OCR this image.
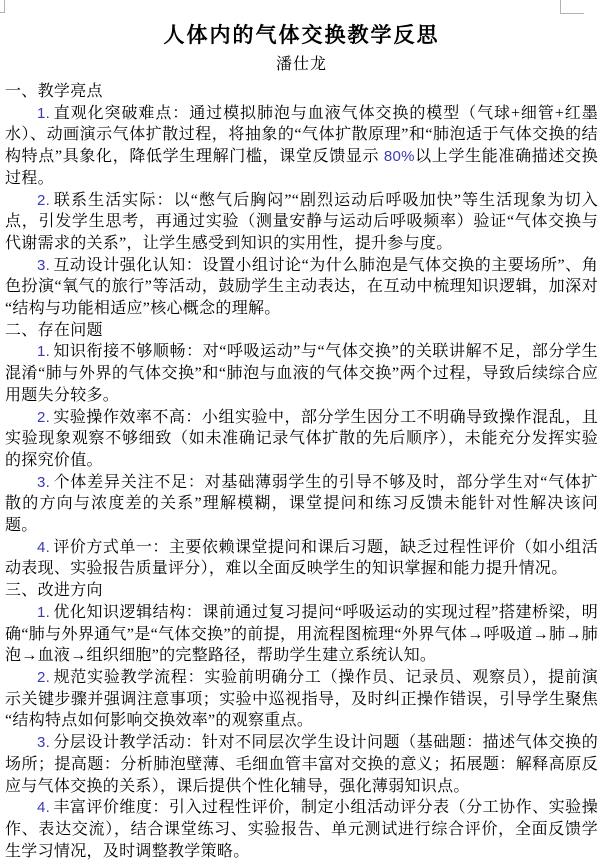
人体内的气体交换教学反思
潘仕龙
一、教学亮点

1. 直观化突破难点：通过模拟肺泡与血液气体交换的模型（气球+细管+红墨水）、动画演示气体扩散过程，将抽象的“气体扩散原理”和“肺泡适于气体交换的结构特点”具象化，降低学生理解门槛，课堂反馈显示 80%以上学生能准确描述交换过程。

2. 联系生活实际：以“憋气后胸闷”“剧烈运动后呼吸加快”等生活现象为切入点，引发学生思考，再通过实验（测量安静与运动后呼吸频率）验证“气体交换与代谢需求的关系”，让学生感受到知识的实用性，提升参与度。

3. 互动设计强化认知：设置小组讨论“为什么肺泡是气体交换的主要场所”、角色扮演“氧气的旅行”等活动，鼓励学生主动表达，在互动中梳理知识逻辑，加深对“结构与功能相适应”核心概念的理解。

二、存在问题

1. 知识衔接不够顺畅：对“呼吸运动”与“气体交换”的关联讲解不足，部分学生混淆“肺与外界的气体交换”和“肺泡与血液的气体交换”两个过程，导致后续综合应用题失分较多。

2. 实验操作效率不高：小组实验中，部分学生因分工不明确导致操作混乱，且实验现象观察不够细致（如未准确记录气体扩散的先后顺序），未能充分发挥实验的探究价值。

3. 个体差异关注不足：对基础薄弱学生的引导不够及时，部分学生对“气体扩散的方向与浓度差的关系”理解模糊，课堂提问和练习反馈未能针对性解决该问题。

4. 评价方式单一：主要依赖课堂提问和课后习题，缺乏过程性评价（如小组活动表现、实验报告质量评分），难以全面反映学生的知识掌握和能力提升情况。

三、改进方向

1. 优化知识逻辑结构：课前通过复习提问“呼吸运动的实现过程”搭建桥梁，明确“肺与外界通气”是“气体交换”的前提，用流程图梳理“外界气体→呼吸道→肺→肺泡→血液→组织细胞”的完整路径，帮助学生建立系统认知。

2. 规范实验教学流程：实验前明确分工（操作员、记录员、观察员），提前演示关键步骤并强调注意事项；实验中巡视指导，及时纠正操作错误，引导学生聚焦“结构特点如何影响交换效率”的观察重点。

3. 分层设计教学活动：针对不同层次学生设计问题（基础题：描述气体交换的场所；提高题：分析肺泡壁薄、毛细血管丰富对交换的意义；拓展题：解释高原反应与气体交换的关系），课后提供个性化辅导，强化薄弱知识点。

4. 丰富评价维度：引入过程性评价，制定小组活动评分表（分工协作、实验操作、表达交流），结合课堂练习、实验报告、单元测试进行综合评价，全面反馈学生学习情况，及时调整教学策略。
